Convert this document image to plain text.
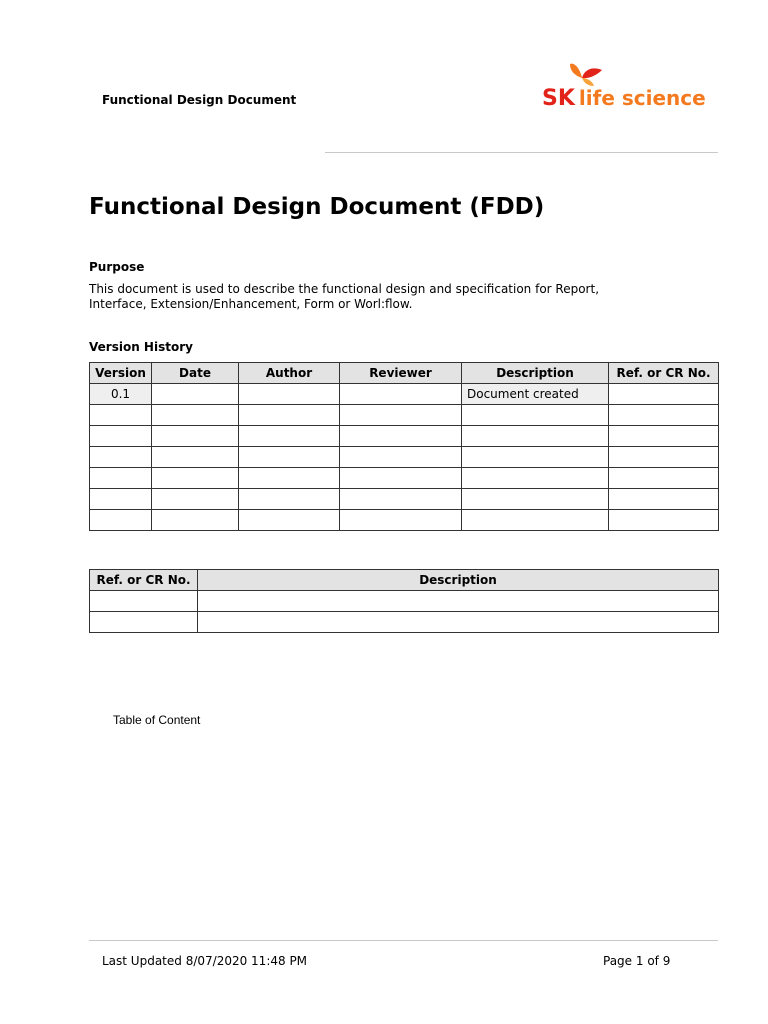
Functional Design Document	SK life science
Functional Design Document (FDD)
Purpose
This document is used to describe the functional design and specification for Report, Interface, Extension/Enhancement, Form or Worl:flow.
Version History
Version	Date	Author	Reviewer	Description	Ref. or CR No.
0.1				Document created	

Ref. or CR No.	Description

Table of Content
Last Updated 8/07/2020 11:48 PM	Page 1 of 9
